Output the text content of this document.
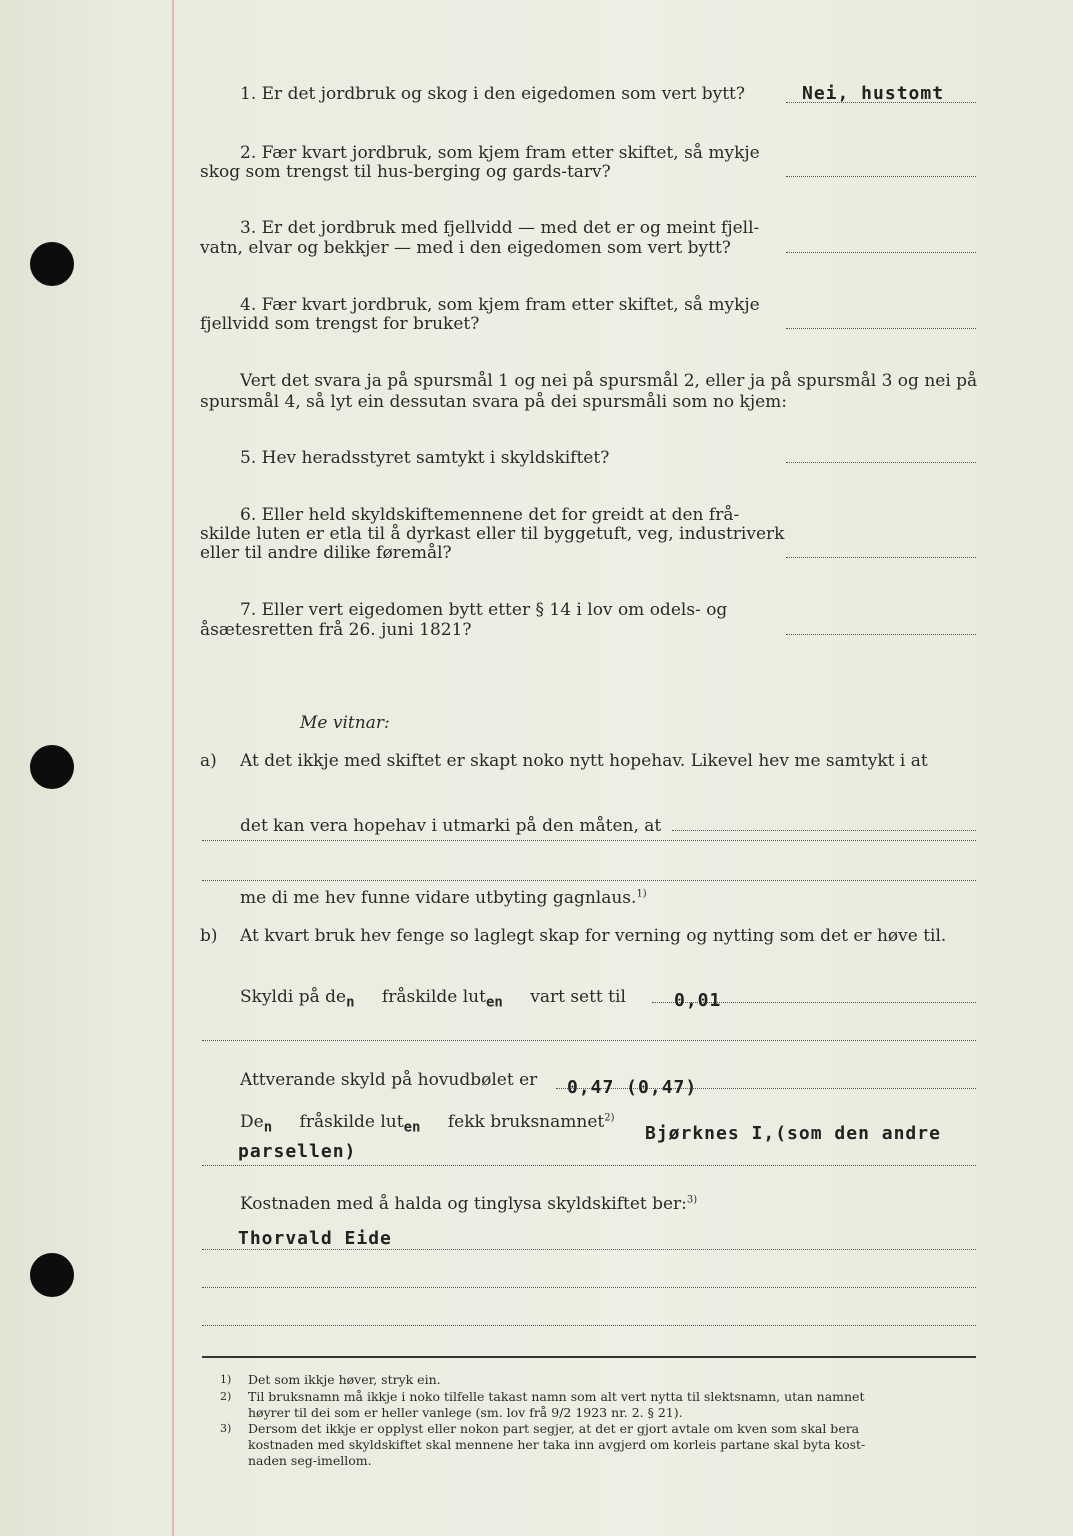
1. Er det jordbruk og skog i den eigedomen som vert bytt?	Nei, hustomt
2. Fær kvart jordbruk, som kjem fram etter skiftet, så mykje
skog som trengst til hus-berging og gards-tarv?
3. Er det jordbruk med fjellvidd — med det er og meint fjell-
vatn, elvar og bekkjer — med i den eigedomen som vert bytt?
4. Fær kvart jordbruk, som kjem fram etter skiftet, så mykje
fjellvidd som trengst for bruket?
Vert det svara ja på spursmål 1 og nei på spursmål 2, eller ja på spursmål 3 og nei på
spursmål 4, så lyt ein dessutan svara på dei spursmåli som no kjem:
5. Hev heradsstyret samtykt i skyldskiftet?
6. Eller held skyldskiftemennene det for greidt at den frå-
skilde luten er etla til å dyrkast eller til byggetuft, veg, industriverk
eller til andre dilike føremål?
7. Eller vert eigedomen bytt etter § 14 i lov om odels- og
åsætesretten frå 26. juni 1821?
Me vitnar:
a) At det ikkje med skiftet er skapt noko nytt hopehav. Likevel hev me samtykt i at
det kan vera hopehav i utmarki på den måten, at
me di me hev funne vidare utbyting gagnlaus.$^{1)}$
b) At kvart bruk hev fenge so laglegt skap for verning og nytting som det er høve til.
Skyldi på $de_n$ fråskilde lut$_{en}$ vart sett til	0,01
Attverande skyld på hovudbølet er 0,47 (0,47)
$De_n$ fråskilde lut$_{en}$ fekk bruksnamnet$^{2)}$
Bjørknes I,(som den andre
parsellen)
Kostnaden med å halda og tinglysa skyldskiftet ber:$^{3)}$
Thorvald Eide
1) Det som ikkje høver, stryk ein.
2) Til bruksnamn må ikkje i noko tilfelle takast namn som alt vert nytta til slektsnamn, utan namnet
høyrer til dei som er heller vanlege (sm. lov frå 9/2 1923 nr. 2. § 21).
3) Dersom det ikkje er opplyst eller nokon part segjer, at det er gjort avtale om kven som skal bera
kostnaden med skyldskiftet skal mennene her taka inn avgjerd om korleis partane skal byta kost-
naden seg-imellom.
